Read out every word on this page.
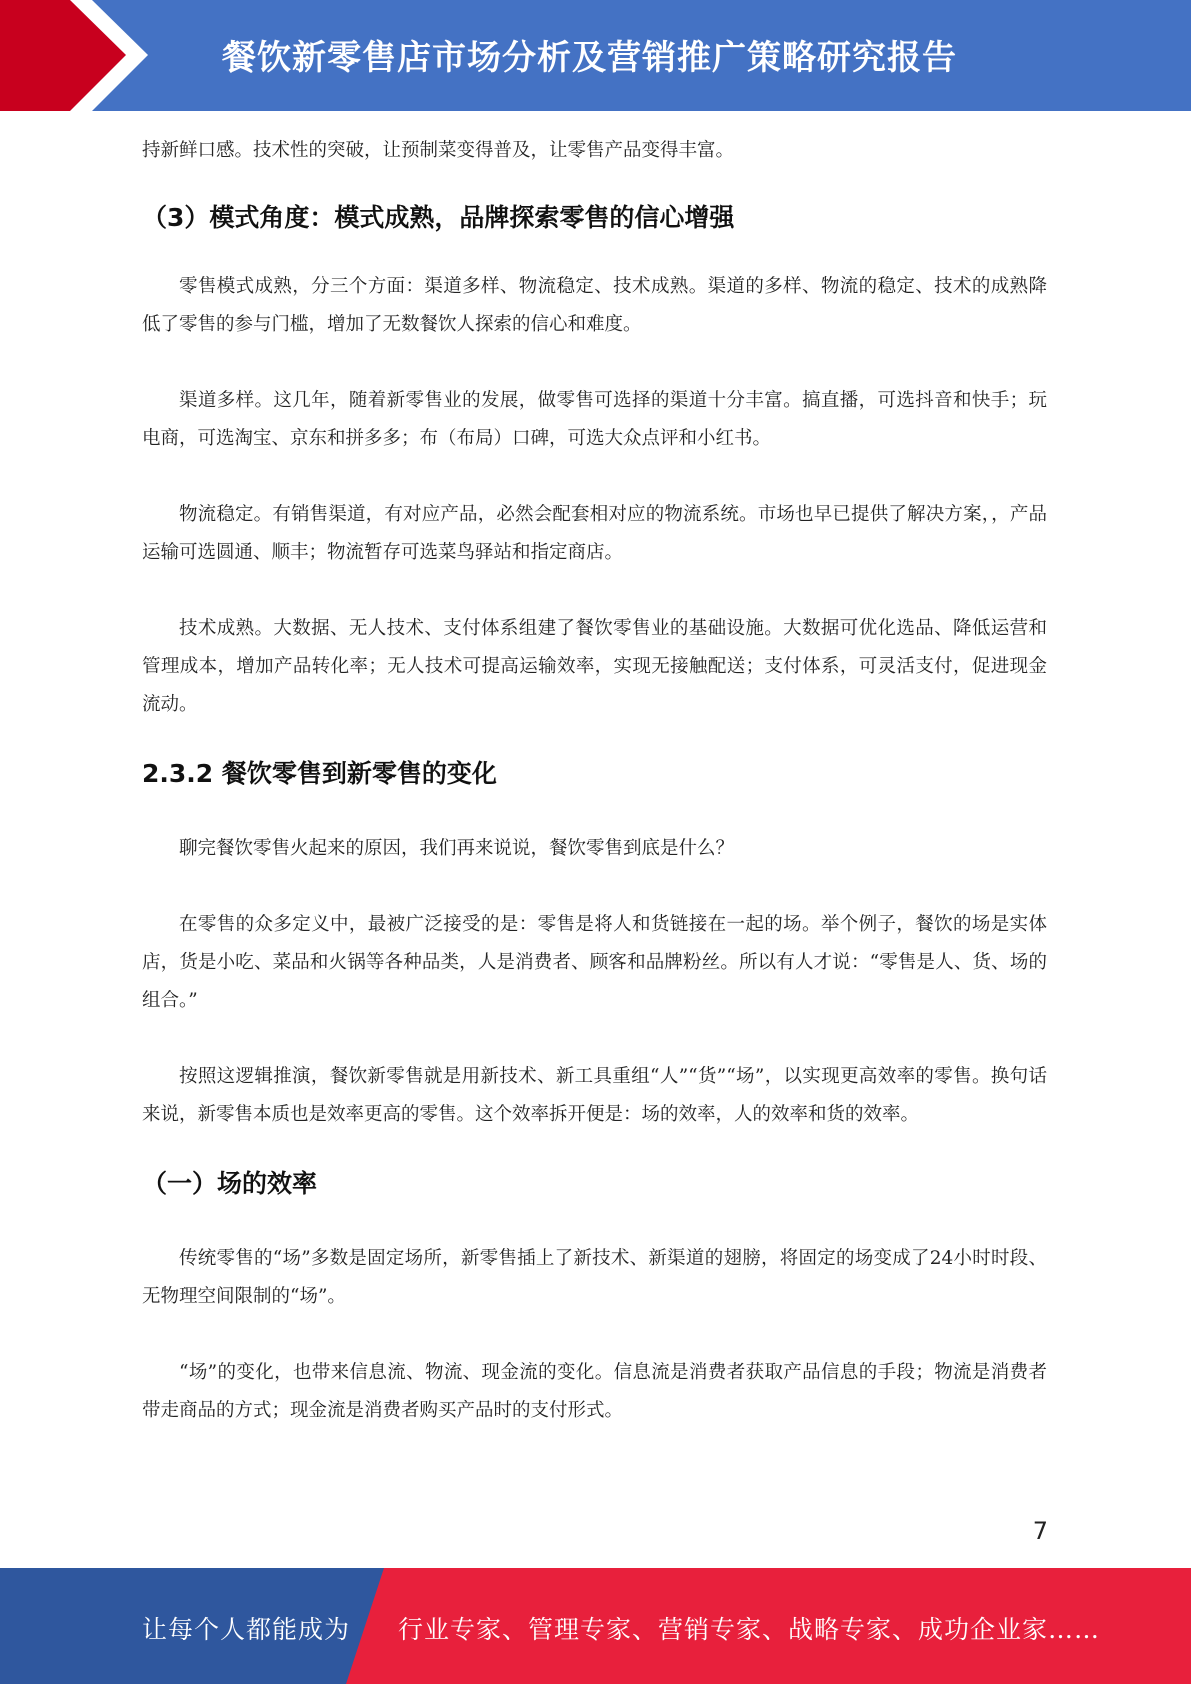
餐饮新零售店市场分析及营销推广策略研究报告

持新鲜口感。技术性的突破，让预制菜变得普及，让零售产品变得丰富。

（3）模式角度：模式成熟，品牌探索零售的信心增强

零售模式成熟，分三个方面：渠道多样、物流稳定、技术成熟。渠道的多样、物流的稳定、技术的成熟降低了零售的参与门槛，增加了无数餐饮人探索的信心和难度。

渠道多样。这几年，随着新零售业的发展，做零售可选择的渠道十分丰富。搞直播，可选抖音和快手；玩电商，可选淘宝、京东和拼多多；布（布局）口碑，可选大众点评和小红书。

物流稳定。有销售渠道，有对应产品，必然会配套相对应的物流系统。市场也早已提供了解决方案，，产品运输可选圆通、顺丰；物流暂存可选菜鸟驿站和指定商店。

技术成熟。大数据、无人技术、支付体系组建了餐饮零售业的基础设施。大数据可优化选品、降低运营和管理成本，增加产品转化率；无人技术可提高运输效率，实现无接触配送；支付体系，可灵活支付，促进现金流动。

2.3.2 餐饮零售到新零售的变化

聊完餐饮零售火起来的原因，我们再来说说，餐饮零售到底是什么？

在零售的众多定义中，最被广泛接受的是：零售是将人和货链接在一起的场。举个例子，餐饮的场是实体店，货是小吃、菜品和火锅等各种品类，人是消费者、顾客和品牌粉丝。所以有人才说：“零售是人、货、场的组合。”

按照这逻辑推演，餐饮新零售就是用新技术、新工具重组“人”“货”“场”，以实现更高效率的零售。换句话来说，新零售本质也是效率更高的零售。这个效率拆开便是：场的效率，人的效率和货的效率。

（一）场的效率

传统零售的“场”多数是固定场所，新零售插上了新技术、新渠道的翅膀，将固定的场变成了24小时时段、无物理空间限制的“场”。

“场”的变化，也带来信息流、物流、现金流的变化。信息流是消费者获取产品信息的手段；物流是消费者带走商品的方式；现金流是消费者购买产品时的支付形式。

7
让每个人都能成为 行业专家、管理专家、营销专家、战略专家、成功企业家……
